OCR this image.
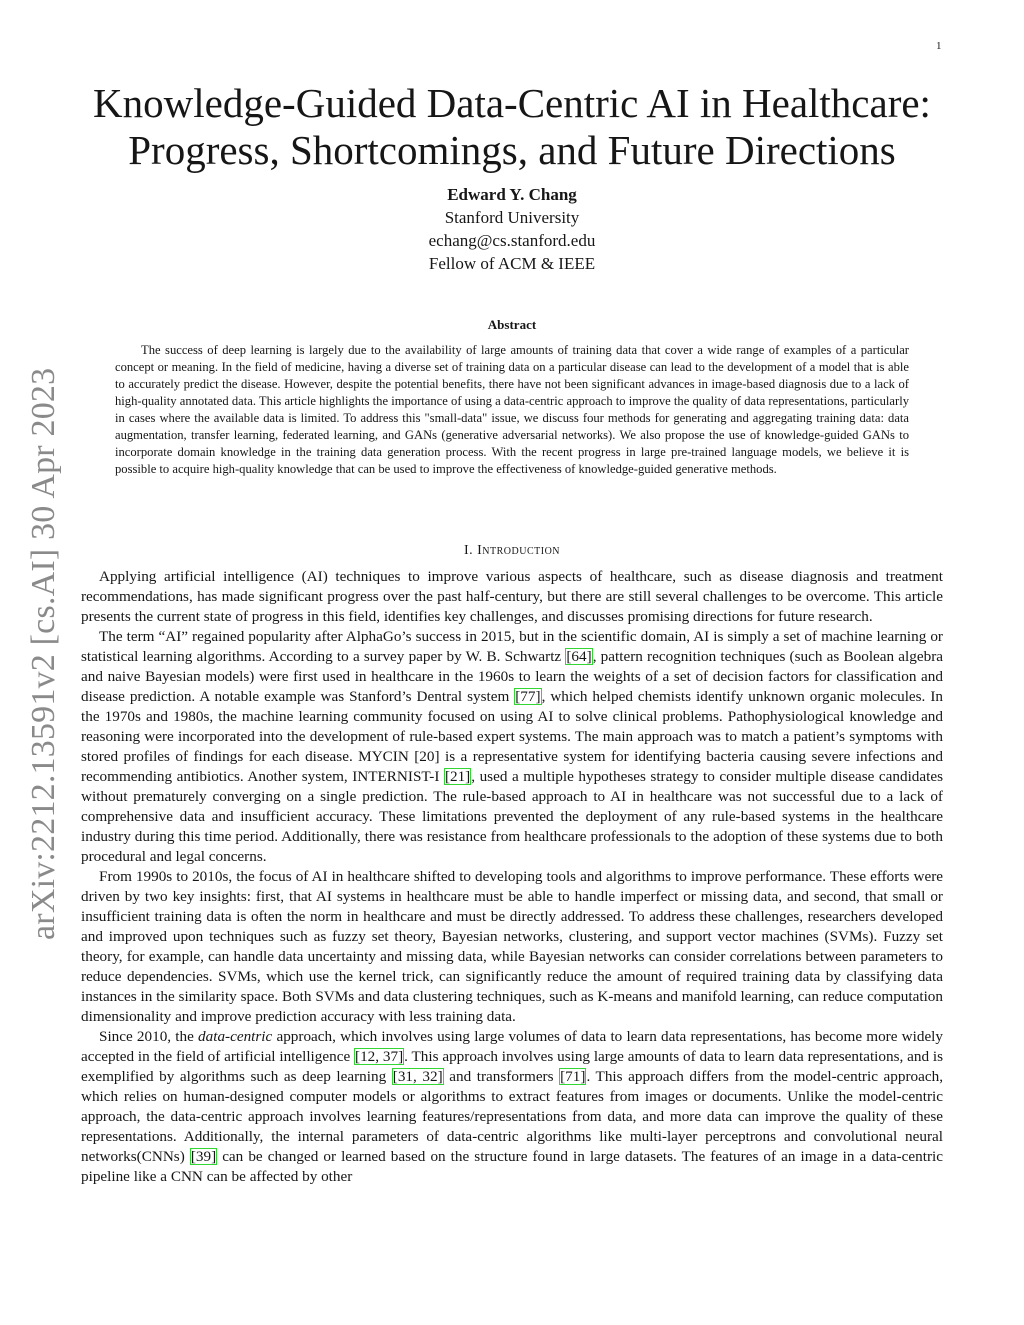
1
arXiv:2212.13591v2 [cs.AI] 30 Apr 2023
Knowledge-Guided Data-Centric AI in Healthcare:
Progress, Shortcomings, and Future Directions
Edward Y. Chang
Stanford University
echang@cs.stanford.edu
Fellow of ACM & IEEE
Abstract

The success of deep learning is largely due to the availability of large amounts of training data that cover a wide range of examples of a particular concept or meaning. In the field of medicine, having a diverse set of training data on a particular disease can lead to the development of a model that is able to accurately predict the disease. However, despite the potential benefits, there have not been significant advances in image-based diagnosis due to a lack of high-quality annotated data. This article highlights the importance of using a data-centric approach to improve the quality of data representations, particularly in cases where the available data is limited. To address this "small-data" issue, we discuss four methods for generating and aggregating training data: data augmentation, transfer learning, federated learning, and GANs (generative adversarial networks). We also propose the use of knowledge-guided GANs to incorporate domain knowledge in the training data generation process. With the recent progress in large pre-trained language models, we believe it is possible to acquire high-quality knowledge that can be used to improve the effectiveness of knowledge-guided generative methods.

I. Introduction

Applying artificial intelligence (AI) techniques to improve various aspects of healthcare, such as disease diagnosis and treatment recommendations, has made significant progress over the past half-century, but there are still several challenges to be overcome. This article presents the current state of progress in this field, identifies key challenges, and discusses promising directions for future research.

The term “AI” regained popularity after AlphaGo’s success in 2015, but in the scientific domain, AI is simply a set of machine learning or statistical learning algorithms. According to a survey paper by W. B. Schwartz [64], pattern recognition techniques (such as Boolean algebra and naive Bayesian models) were first used in healthcare in the 1960s to learn the weights of a set of decision factors for classification and disease prediction. A notable example was Stanford’s Dentral system [77], which helped chemists identify unknown organic molecules. In the 1970s and 1980s, the machine learning community focused on using AI to solve clinical problems. Pathophysiological knowledge and reasoning were incorporated into the development of rule-based expert systems. The main approach was to match a patient’s symptoms with stored profiles of findings for each disease. MYCIN [20] is a representative system for identifying bacteria causing severe infections and recommending antibiotics. Another system, INTERNIST-I [21], used a multiple hypotheses strategy to consider multiple disease candidates without prematurely converging on a single prediction. The rule-based approach to AI in healthcare was not successful due to a lack of comprehensive data and insufficient accuracy. These limitations prevented the deployment of any rule-based systems in the healthcare industry during this time period. Additionally, there was resistance from healthcare professionals to the adoption of these systems due to both procedural and legal concerns.

From 1990s to 2010s, the focus of AI in healthcare shifted to developing tools and algorithms to improve performance. These efforts were driven by two key insights: first, that AI systems in healthcare must be able to handle imperfect or missing data, and second, that small or insufficient training data is often the norm in healthcare and must be directly addressed. To address these challenges, researchers developed and improved upon techniques such as fuzzy set theory, Bayesian networks, clustering, and support vector machines (SVMs). Fuzzy set theory, for example, can handle data uncertainty and missing data, while Bayesian networks can consider correlations between parameters to reduce dependencies. SVMs, which use the kernel trick, can significantly reduce the amount of required training data by classifying data instances in the similarity space. Both SVMs and data clustering techniques, such as K-means and manifold learning, can reduce computation dimensionality and improve prediction accuracy with less training data.

Since 2010, the data-centric approach, which involves using large volumes of data to learn data representations, has become more widely accepted in the field of artificial intelligence [12, 37]. This approach involves using large amounts of data to learn data representations, and is exemplified by algorithms such as deep learning [31, 32] and transformers [71]. This approach differs from the model-centric approach, which relies on human-designed computer models or algorithms to extract features from images or documents. Unlike the model-centric approach, the data-centric approach involves learning features/representations from data, and more data can improve the quality of these representations. Additionally, the internal parameters of data-centric algorithms like multi-layer perceptrons and convolutional neural networks(CNNs) [39] can be changed or learned based on the structure found in large datasets. The features of an image in a data-centric pipeline like a CNN can be affected by other
